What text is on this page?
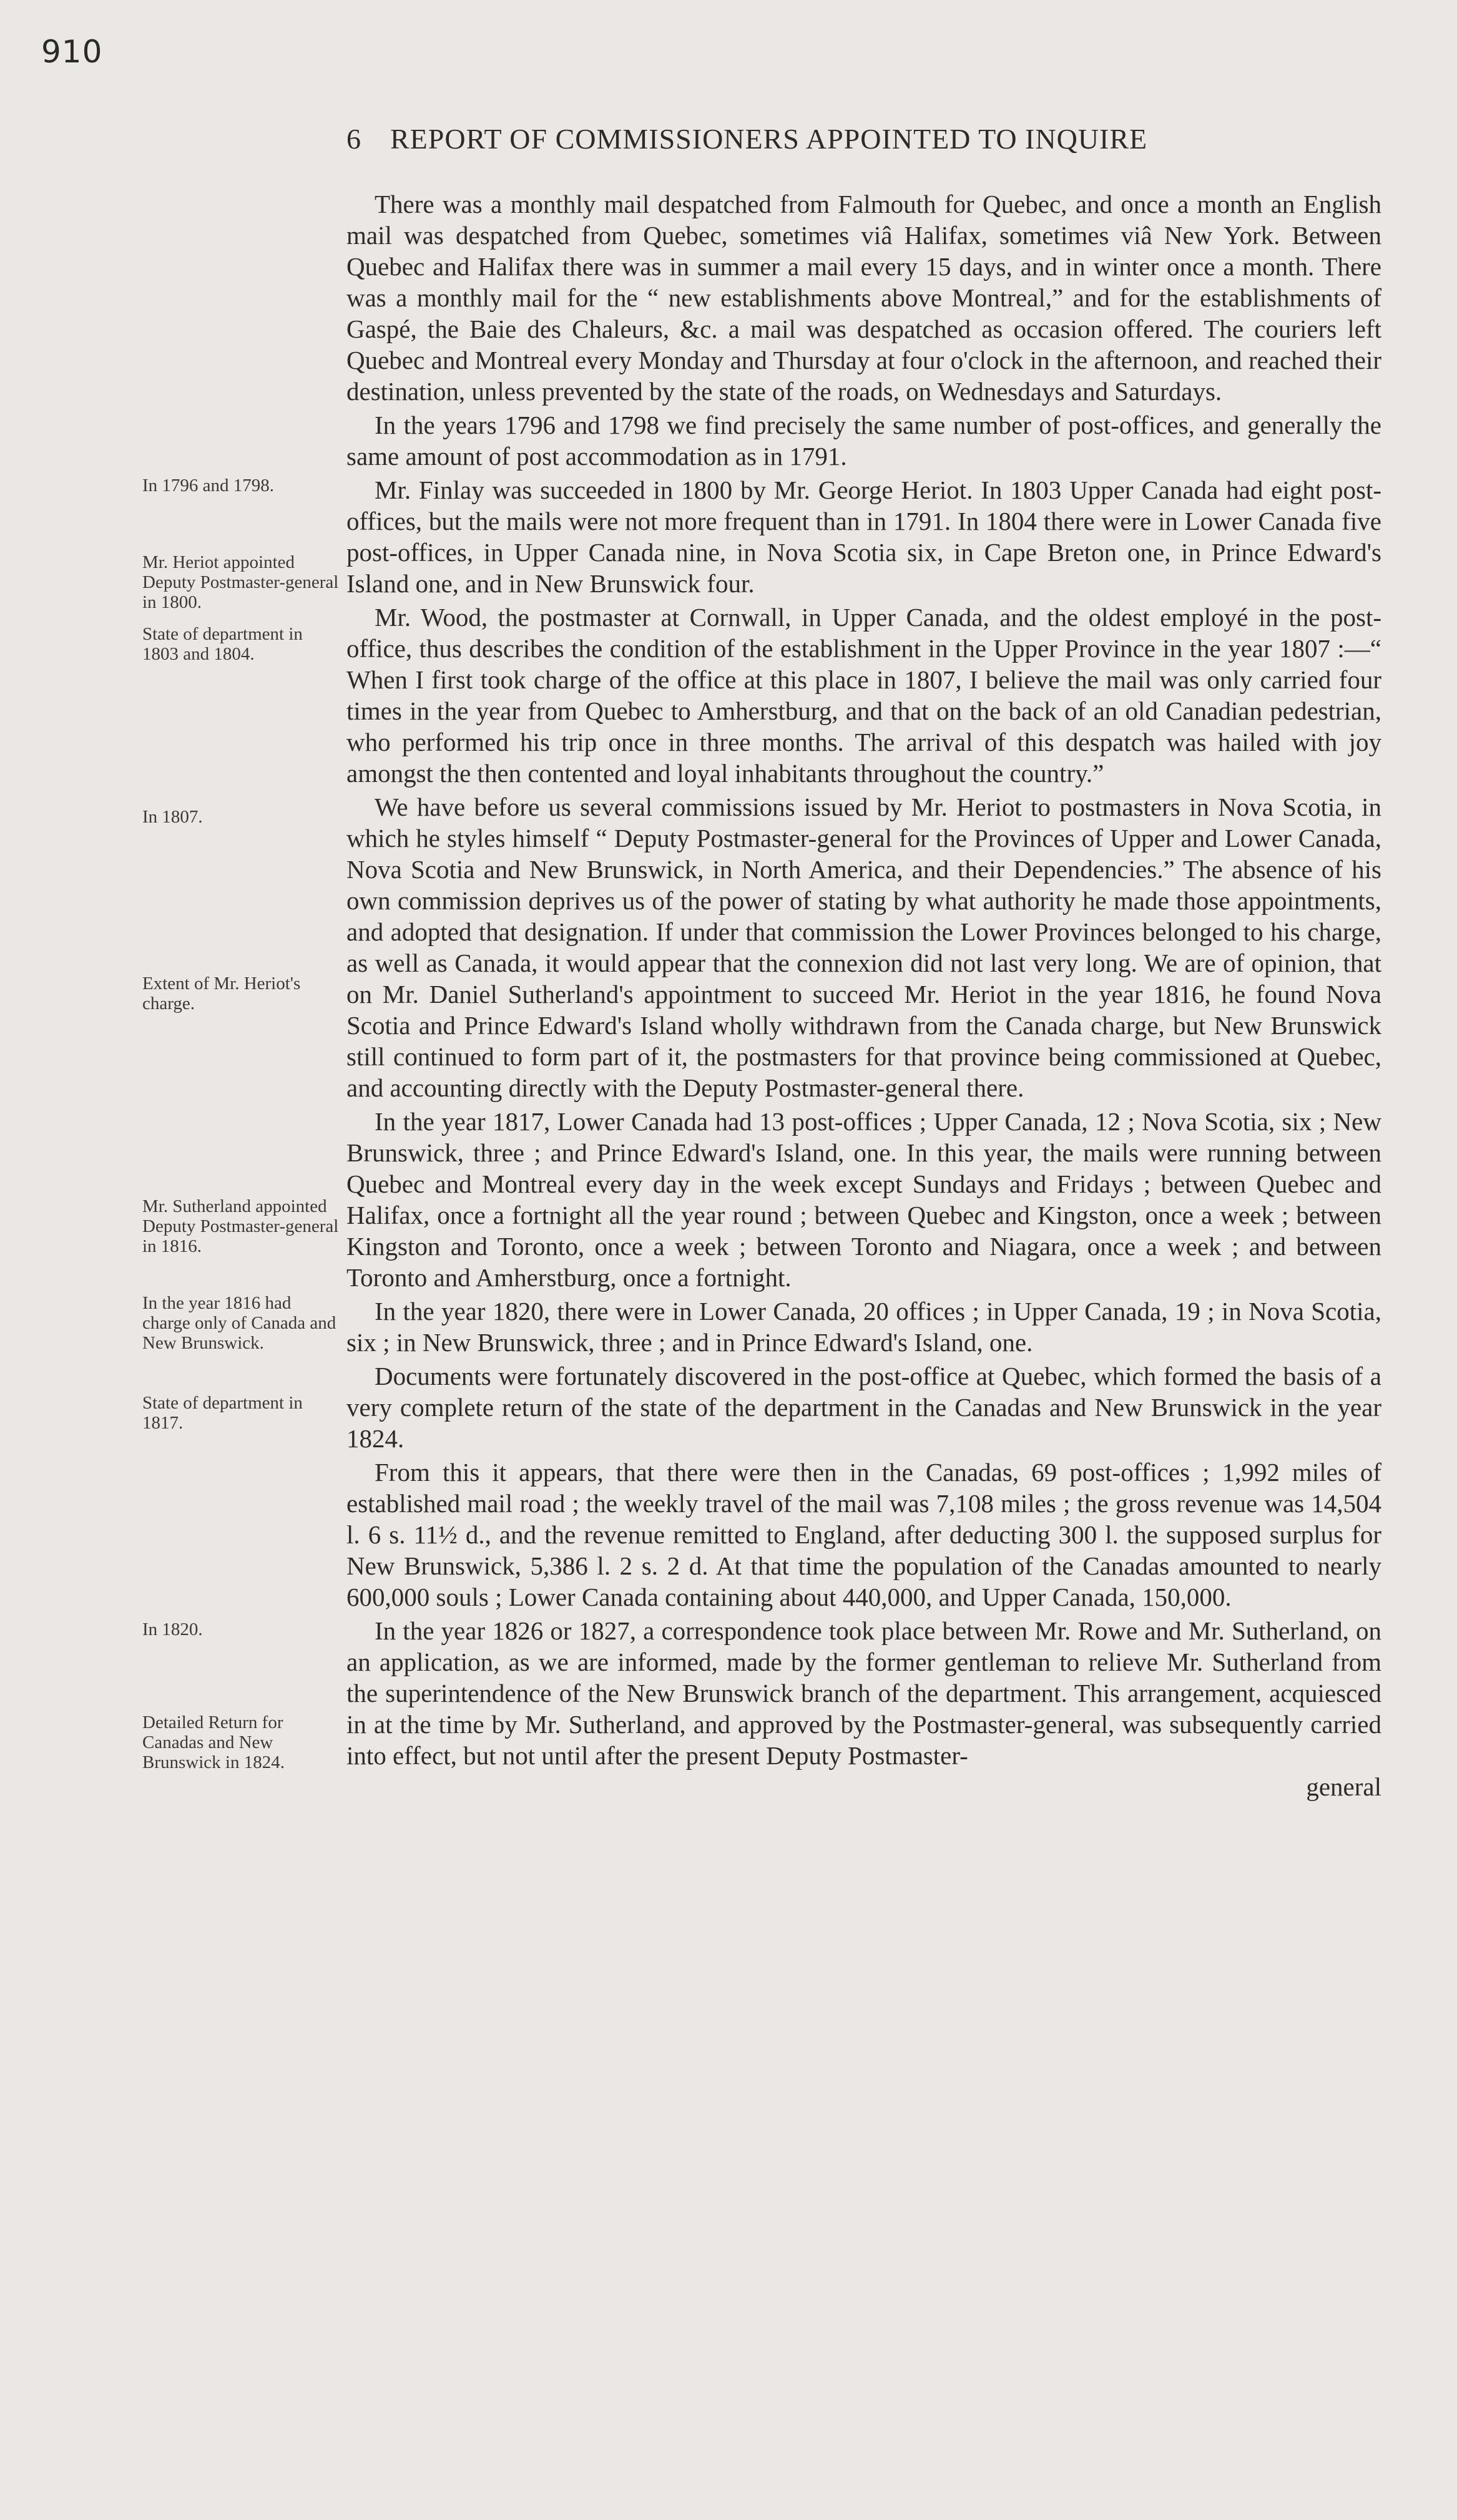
910
6 REPORT OF COMMISSIONERS APPOINTED TO INQUIRE
In 1796 and 1798.
Mr. Heriot appointed Deputy Postmaster-general in 1800.
State of department in 1803 and 1804.
In 1807.
Extent of Mr. Heriot's charge.
Mr. Sutherland appointed Deputy Postmaster-general in 1816.
In the year 1816 had charge only of Canada and New Brunswick.
State of department in 1817.
In 1820.
Detailed Return for Canadas and New Brunswick in 1824.

There was a monthly mail despatched from Falmouth for Quebec, and once a month an English mail was despatched from Quebec, sometimes viâ Halifax, sometimes viâ New York. Between Quebec and Halifax there was in summer a mail every 15 days, and in winter once a month. There was a monthly mail for the “ new establishments above Montreal,” and for the establishments of Gaspé, the Baie des Chaleurs, &c. a mail was despatched as occasion offered. The couriers left Quebec and Montreal every Monday and Thursday at four o'clock in the afternoon, and reached their destination, unless prevented by the state of the roads, on Wednesdays and Saturdays.

In the years 1796 and 1798 we find precisely the same number of post-offices, and generally the same amount of post accommodation as in 1791.

Mr. Finlay was succeeded in 1800 by Mr. George Heriot. In 1803 Upper Canada had eight post-offices, but the mails were not more frequent than in 1791. In 1804 there were in Lower Canada five post-offices, in Upper Canada nine, in Nova Scotia six, in Cape Breton one, in Prince Edward's Island one, and in New Brunswick four.

Mr. Wood, the postmaster at Cornwall, in Upper Canada, and the oldest employé in the post-office, thus describes the condition of the establishment in the Upper Province in the year 1807 :—“ When I first took charge of the office at this place in 1807, I believe the mail was only carried four times in the year from Quebec to Amherstburg, and that on the back of an old Canadian pedestrian, who performed his trip once in three months. The arrival of this despatch was hailed with joy amongst the then contented and loyal inhabitants throughout the country.”

We have before us several commissions issued by Mr. Heriot to postmasters in Nova Scotia, in which he styles himself “ Deputy Postmaster-general for the Provinces of Upper and Lower Canada, Nova Scotia and New Brunswick, in North America, and their Dependencies.” The absence of his own commission deprives us of the power of stating by what authority he made those appointments, and adopted that designation. If under that commission the Lower Provinces belonged to his charge, as well as Canada, it would appear that the connexion did not last very long. We are of opinion, that on Mr. Daniel Sutherland's appointment to succeed Mr. Heriot in the year 1816, he found Nova Scotia and Prince Edward's Island wholly withdrawn from the Canada charge, but New Brunswick still continued to form part of it, the postmasters for that province being commissioned at Quebec, and accounting directly with the Deputy Postmaster-general there.

In the year 1817, Lower Canada had 13 post-offices ; Upper Canada, 12 ; Nova Scotia, six ; New Brunswick, three ; and Prince Edward's Island, one. In this year, the mails were running between Quebec and Montreal every day in the week except Sundays and Fridays ; between Quebec and Halifax, once a fortnight all the year round ; between Quebec and Kingston, once a week ; between Kingston and Toronto, once a week ; between Toronto and Niagara, once a week ; and between Toronto and Amherstburg, once a fortnight.

In the year 1820, there were in Lower Canada, 20 offices ; in Upper Canada, 19 ; in Nova Scotia, six ; in New Brunswick, three ; and in Prince Edward's Island, one.

Documents were fortunately discovered in the post-office at Quebec, which formed the basis of a very complete return of the state of the department in the Canadas and New Brunswick in the year 1824.

From this it appears, that there were then in the Canadas, 69 post-offices ; 1,992 miles of established mail road ; the weekly travel of the mail was 7,108 miles ; the gross revenue was 14,504 l. 6 s. 11½ d., and the revenue remitted to England, after deducting 300 l. the supposed surplus for New Brunswick, 5,386 l. 2 s. 2 d. At that time the population of the Canadas amounted to nearly 600,000 souls ; Lower Canada containing about 440,000, and Upper Canada, 150,000.

In the year 1826 or 1827, a correspondence took place between Mr. Rowe and Mr. Sutherland, on an application, as we are informed, made by the former gentleman to relieve Mr. Sutherland from the superintendence of the New Brunswick branch of the department. This arrangement, acquiesced in at the time by Mr. Sutherland, and approved by the Postmaster-general, was subsequently carried into effect, but not until after the present Deputy Postmaster-

general
